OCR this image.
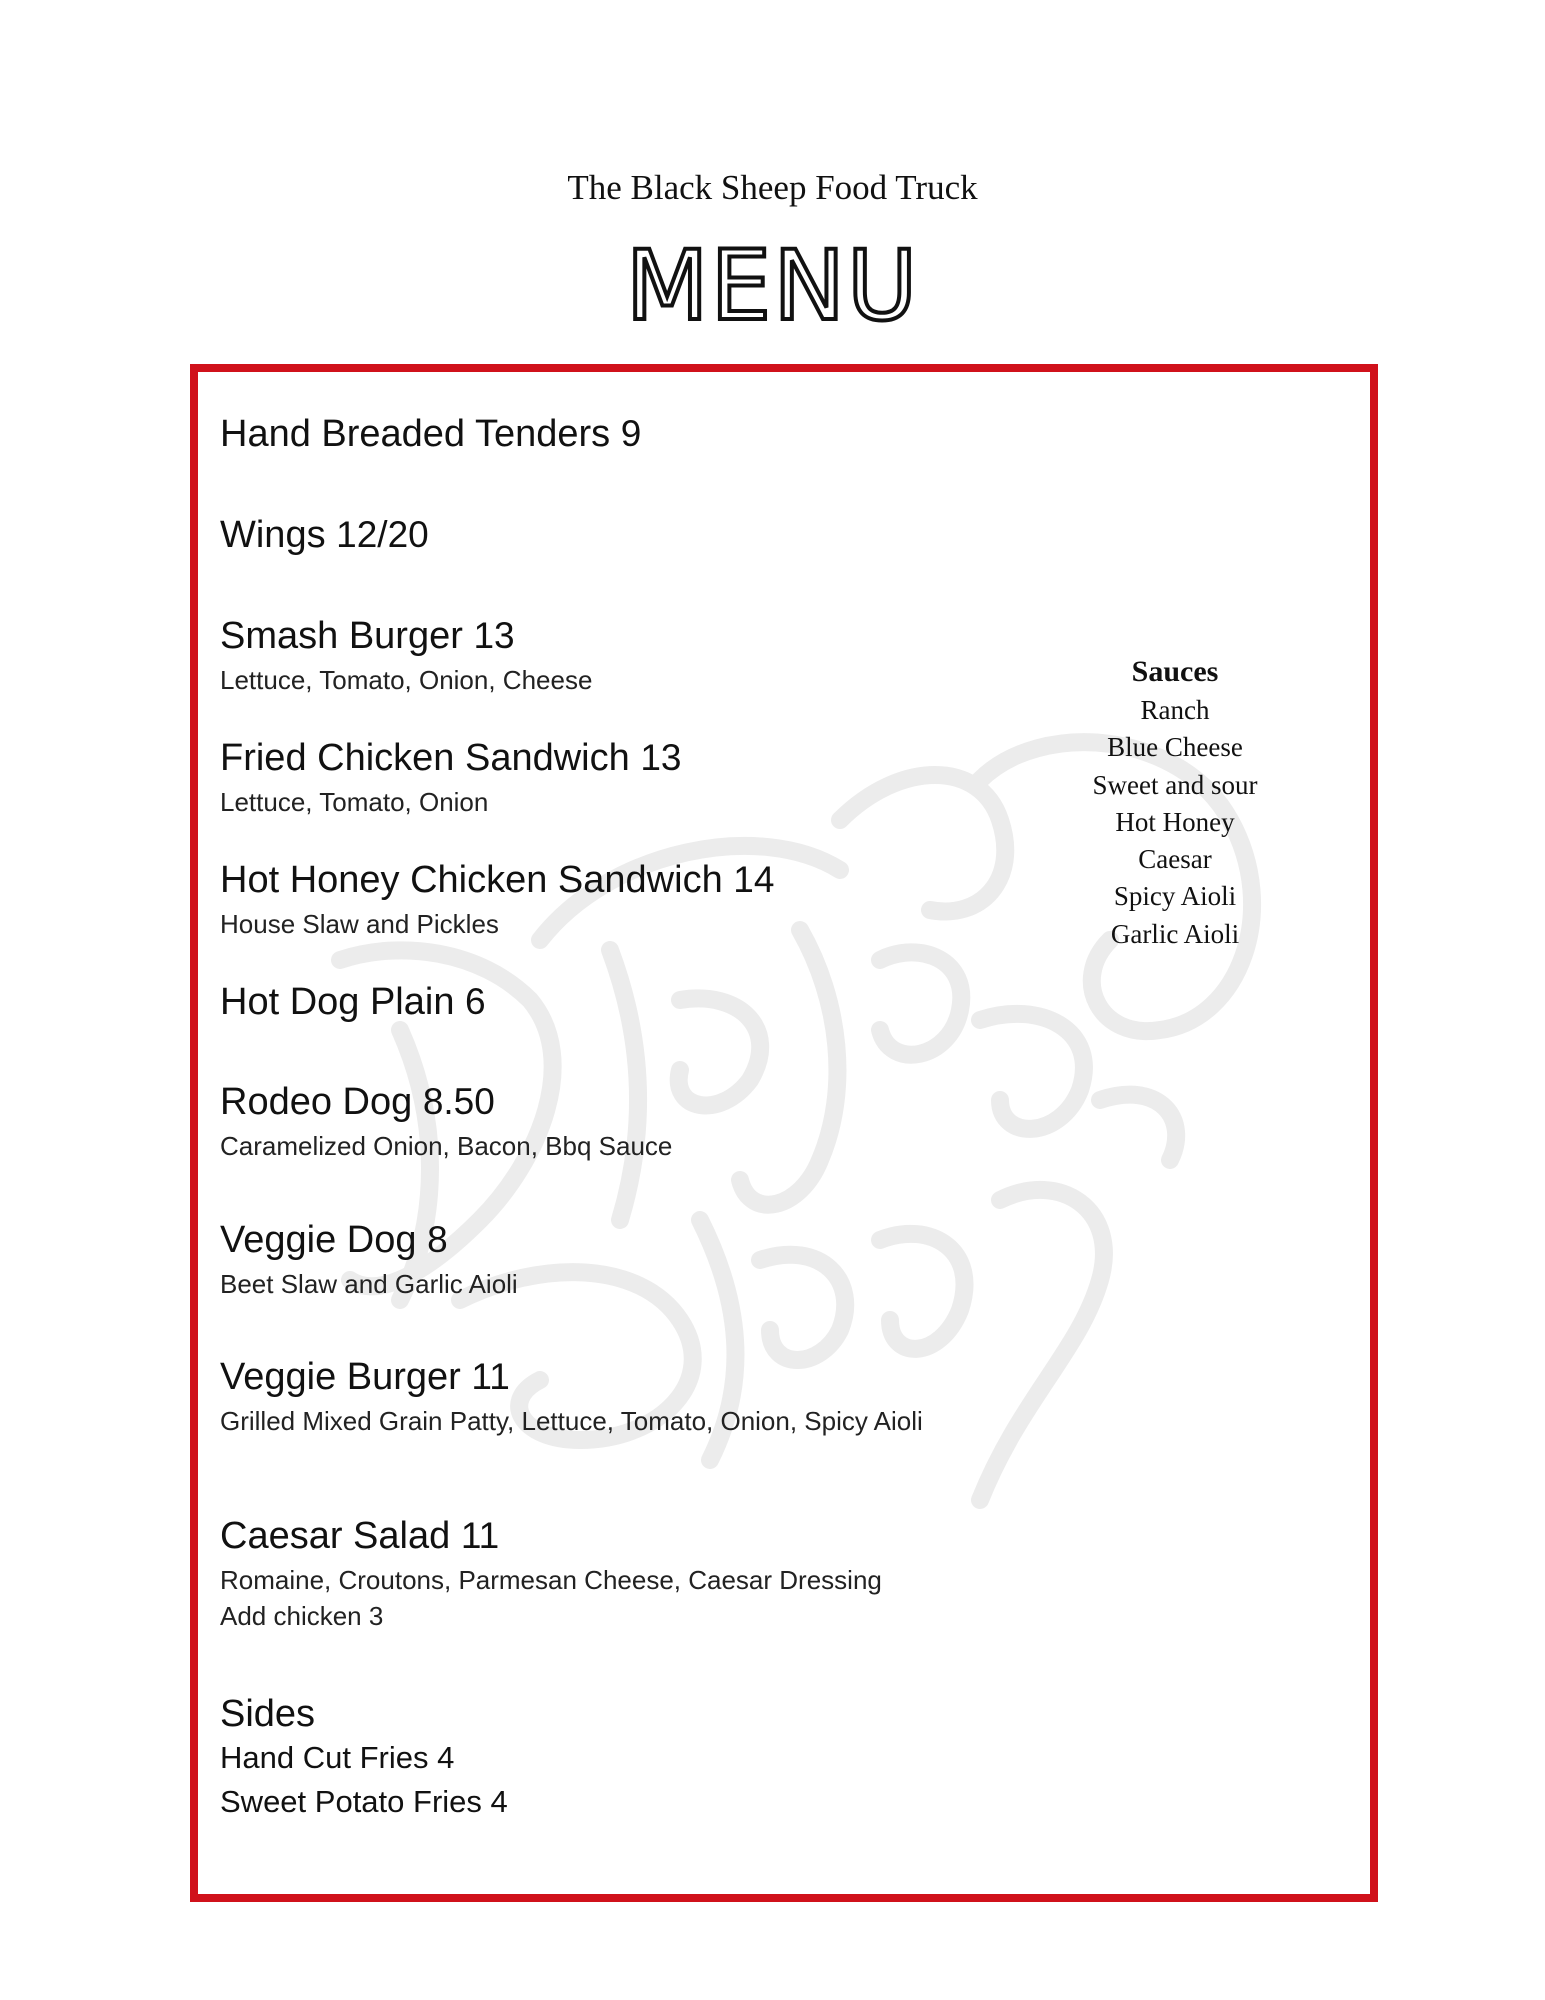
The Black Sheep Food Truck
MENU
Hand Breaded Tenders 9
Wings 12/20
Smash Burger 13
Lettuce, Tomato, Onion, Cheese
Fried Chicken Sandwich 13
Lettuce, Tomato, Onion
Hot Honey Chicken Sandwich 14
House Slaw and Pickles
Hot Dog Plain 6
Rodeo Dog 8.50
Caramelized Onion, Bacon, Bbq Sauce
Veggie Dog 8
Beet Slaw and Garlic Aioli
Veggie Burger 11
Grilled Mixed Grain Patty, Lettuce, Tomato, Onion, Spicy Aioli
Caesar Salad 11
Romaine, Croutons, Parmesan Cheese, Caesar Dressing
Add chicken 3
Sides
Hand Cut Fries 4
Sweet Potato Fries 4
Sauces
Ranch
Blue Cheese
Sweet and sour
Hot Honey
Caesar
Spicy Aioli
Garlic Aioli
